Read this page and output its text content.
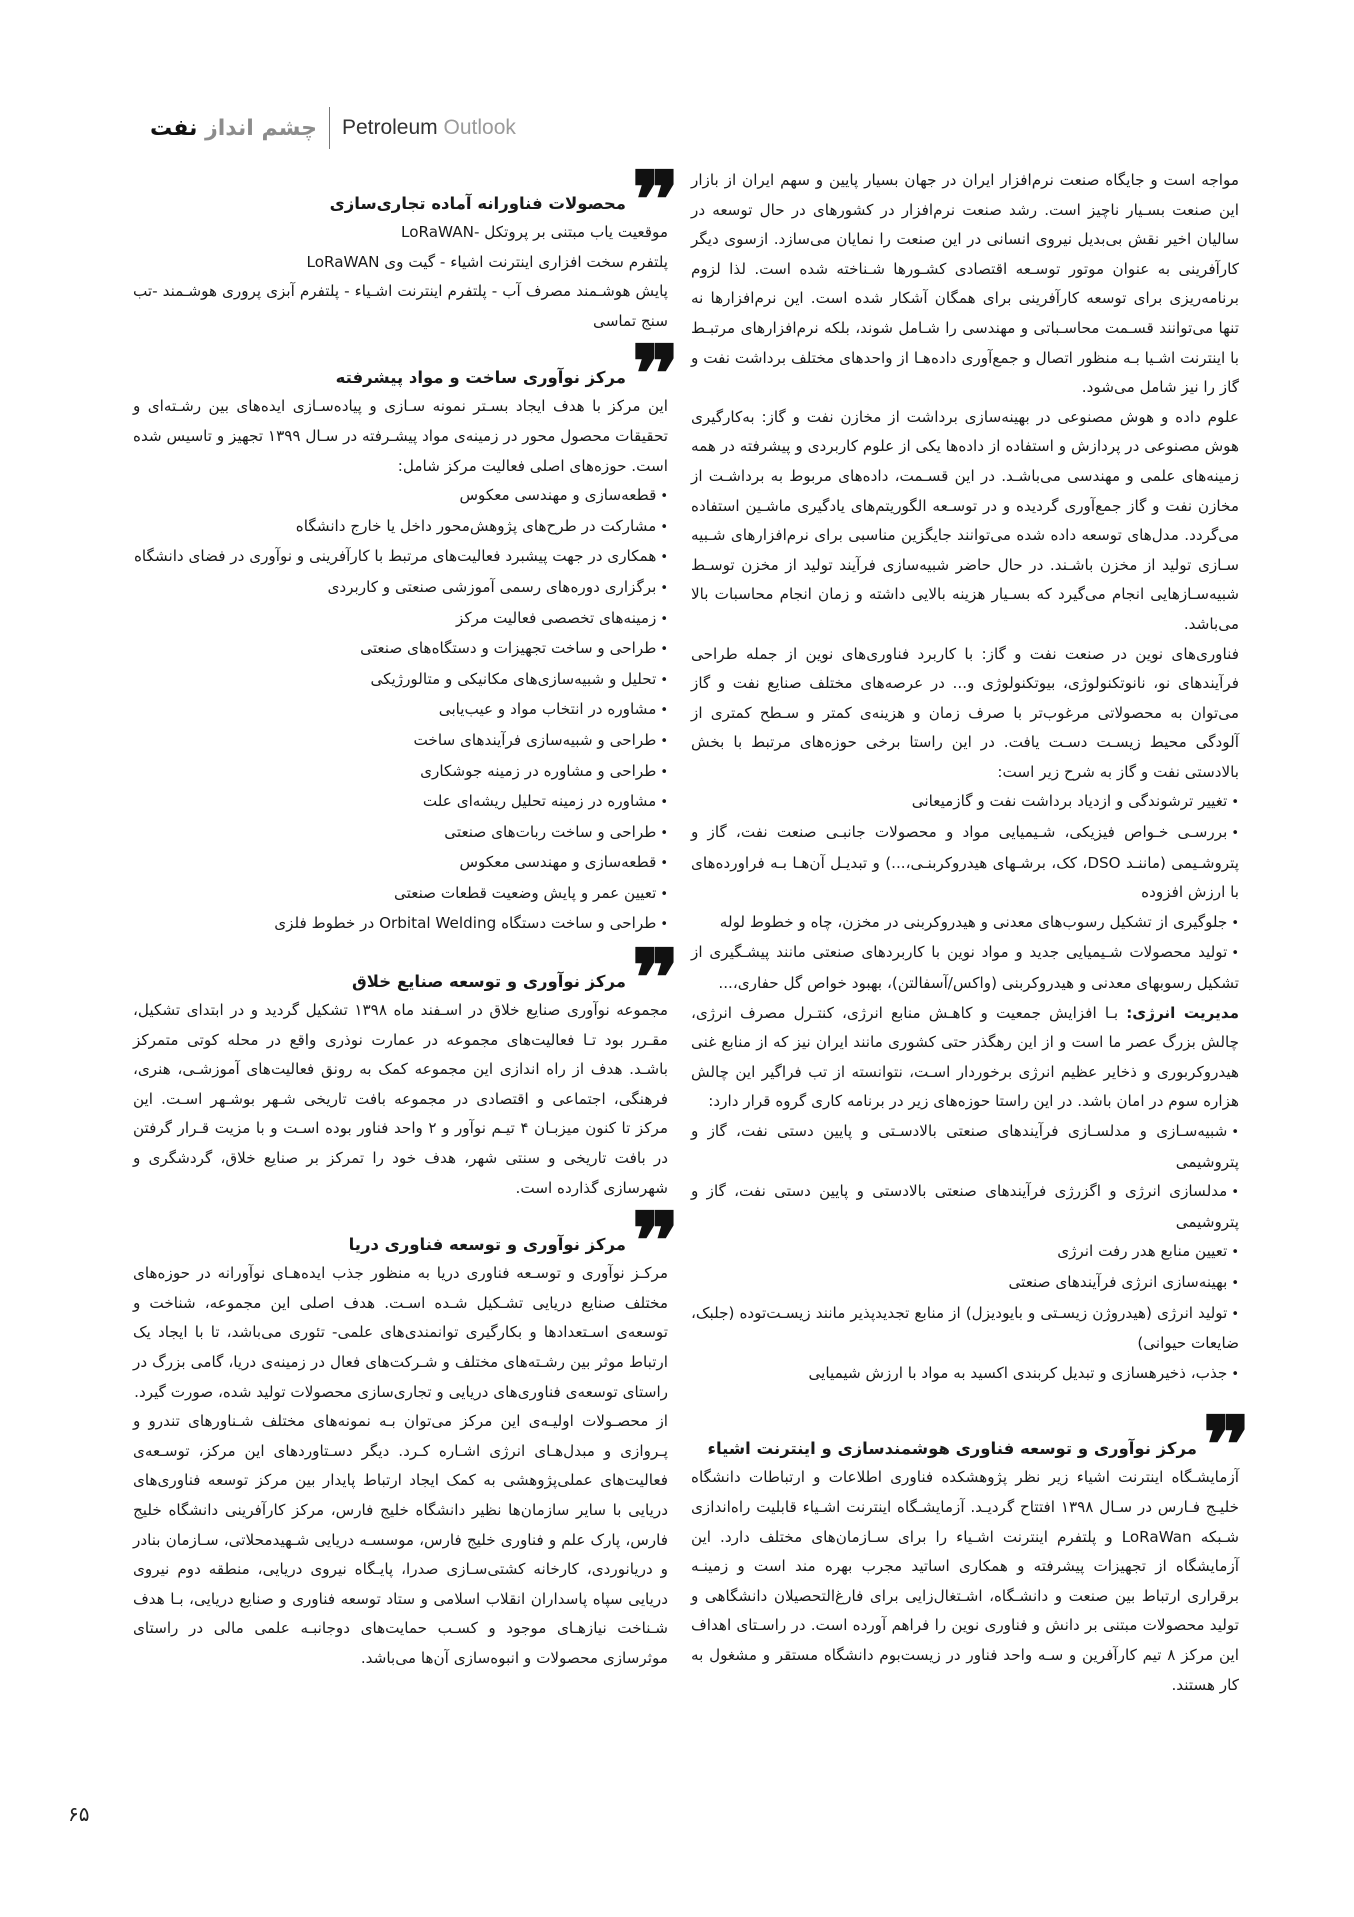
چشم انداز نفت	Petroleum Outlook

مواجه است و جایگاه صنعت نرم‌افزار ایران در جهان بسیار پایین و سهم ایران از بازار این صنعت بسـیار ناچیز است. رشد صنعت نرم‌افزار در کشورهای در حال توسعه در سالیان اخیر نقش بی‌بدیل نیروی انسانی در این صنعت را نمایان می‌سازد. ازسوی دیگر کارآفرینی به عنوان موتور توسـعه اقتصادی کشـورها شـناخته شده است. لذا لزوم برنامه‌ریزی برای توسعه کارآفرینی برای همگان آشکار شده است. این نرم‌افزارها نه تنها می‌توانند قسـمت محاسـباتی و مهندسی را شـامل شوند، بلکه نرم‌افزارهای مرتبـط با اینترنت اشـیا بـه منظور اتصال و جمع‌آوری داده‌هـا از واحدهای مختلف برداشت نفت و گاز را نیز شامل می‌شود.

علوم داده و هوش مصنوعی در بهینه‌سازی برداشت از مخازن نفت و گاز: به‌کارگیری هوش مصنوعی در پردازش و استفاده از داده‌ها یکی از علوم کاربردی و پیشرفته در همه زمینه‌های علمی و مهندسی می‌باشـد. در این قسـمت، داده‌های مربوط به برداشـت از مخازن نفت و گاز جمع‌آوری گردیده و در توسـعه الگوریتم‌های یادگیری ماشـین استفاده می‌گردد. مدل‌های توسعه داده شده می‌توانند جایگزین مناسبی برای نرم‌افزارهای شـبیه سـازی تولید از مخزن باشـند. در حال حاضر شبیه‌سازی فرآیند تولید از مخزن توسـط شبیه‌سـازهایی انجام می‌گیرد که بسـیار هزینه بالایی داشته و زمان انجام محاسبات بالا می‌باشد.

فناوری‌های نوین در صنعت نفت و گاز: با کاربرد فناوری‌های نوین از جمله طراحی فرآیندهای نو، نانوتکنولوژی، بیوتکنولوژی و... در عرصه‌های مختلف صنایع نفت و گاز می‌توان به محصولاتی مرغوب‌تر با صرف زمان و هزینه‌ی کمتر و سـطح کمتری از آلودگی محیط زیسـت دسـت یافت. در این راستا برخی حوزه‌های مرتبط با بخش بالادستی نفت و گاز به شرح زیر است:

•تغییر ترشوندگی و ازدیاد برداشت نفت و گازمیعانی
•بررسـی خـواص فیزیکی، شـیمیایی مواد و محصولات جانبـی صنعت نفت، گاز و پتروشـیمی (ماننـد DSO، کک، برشـهای هیدروکربنـی،...) و تبدیـل آن‌هـا بـه فراورده‌های با ارزش افزوده
•جلوگیری از تشکیل رسوب‌های معدنی و هیدروکربنی در مخزن، چاه و خطوط لوله
•تولید محصولات شـیمیایی جدید و مواد نوین با کاربردهای صنعتی مانند پیشـگیری از تشکیل رسوبهای معدنی و هیدروکربنی (واکس/آسفالتن)، بهبود خواص گل حفاری،...

مدیریت انرژی: بـا افزایش جمعیت و کاهـش منابع انرژی، کنتـرل مصرف انرژی، چالش بزرگ عصر ما است و از این رهگذر حتی کشوری مانند ایران نیز که از منابع غنی هیدروکربوری و ذخایر عظیم انرژی برخوردار اسـت، نتوانسته از تب فراگیر این چالش هزاره سوم در امان باشد. در این راستا حوزه‌های زیر در برنامه کاری گروه قرار دارد:

•شبیه‌سـازی و مدلسـازی فرآیندهای صنعتی بالادسـتی و پایین دستی نفت، گاز و پتروشیمی
•مدلسازی انرژی و اگزرژی فرآیندهای صنعتی بالادستی و پایین دستی نفت، گاز و پتروشیمی
•تعیین منابع هدر رفت انرژی
•بهینه‌سازی انرژی فرآیندهای صنعتی
•تولید انرژی (هیدروژن زیسـتی و بایودیزل) از منابع تجدیدپذیر مانند زیسـت‌توده (جلبک، ضایعات حیوانی)
•جذب، ذخیرهسازی و تبدیل کربندی اکسید به مواد با ارزش شیمیایی
❞
مرکز نوآوری و توسعه فناوری هوشمندسازی و اینترنت اشیاء

آزمایشـگاه اینترنت اشیاء زیر نظر پژوهشکده فناوری اطلاعات و ارتباطات دانشگاه خلیـج فـارس در سـال ۱۳۹۸ افتتاح گردیـد. آزمایشـگاه اینترنت اشـیاء قابلیت راه‌اندازی شـبکه LoRaWan و پلتفرم اینترنت اشـیاء را برای سـازمان‌های مختلف دارد. این آزمایشگاه از تجهیزات پیشرفته و همکاری اساتید مجرب بهره مند است و زمینـه برقراری ارتباط بین صنعت و دانشـگاه، اشـتغال‌زایی برای فارغ‌التحصیلان دانشگاهی و تولید محصولات مبتنی بر دانش و فناوری نوین را فراهم آورده است. در راسـتای اهداف این مرکز ۸ تیم کارآفرین و سـه واحد فناور در زیست‌بوم دانشگاه مستقر و مشغول به کار هستند.

❞
محصولات فناورانه آماده تجاری‌سازی

موقعیت یاب مبتنی بر پروتکل -LoRaWAN

پلتفرم سخت افزاری اینترنت اشیاء - گیت وی LoRaWAN

پایش هوشـمند مصرف آب - پلتفرم اینترنت اشـیاء - پلتفرم آبزی پروری هوشـمند -تب سنج تماسی

❞
مرکز نوآوری ساخت و مواد پیشرفته

این مرکز با هدف ایجاد بسـتر نمونه سـازی و پیاده‌سـازی ایده‌های بین رشـته‌ای و تحقیقات محصول محور در زمینه‌ی مواد پیشـرفته در سـال ۱۳۹۹ تجهیز و تاسیس شده است. حوزه‌های اصلی فعالیت مرکز شامل:

•قطعه‌سازی و مهندسی معکوس
•مشارکت در طرح‌های پژوهش‌محور داخل یا خارج دانشگاه
•همکاری در جهت پیشبرد فعالیت‌های مرتبط با کارآفرینی و نوآوری در فضای دانشگاه
•برگزاری دوره‌های رسمی آموزشی صنعتی و کاربردی
•زمینه‌های تخصصی فعالیت مرکز
•طراحی و ساخت تجهیزات و دستگاه‌های صنعتی
•تحلیل و شبیه‌سازی‌های مکانیکی و متالورژیکی
•مشاوره در انتخاب مواد و عیب‌یابی
•طراحی و شبیه‌سازی فرآیندهای ساخت
•طراحی و مشاوره در زمینه جوشکاری
•مشاوره در زمینه تحلیل ریشه‌ای علت
•طراحی و ساخت ربات‌های صنعتی
•قطعه‌سازی و مهندسی معکوس
•تعیین عمر و پایش وضعیت قطعات صنعتی
•طراحی و ساخت دستگاه Orbital Welding در خطوط فلزی
❞
مرکز نوآوری و توسعه صنایع خلاق

مجموعه نوآوری صنایع خلاق در اسـفند ماه ۱۳۹۸ تشکیل گردید و در ابتدای تشکیل، مقـرر بود تـا فعالیت‌های مجموعه در عمارت نوذری واقع در محله کوتی متمرکز باشـد. هدف از راه اندازی این مجموعه کمک به رونق فعالیت‌های آموزشـی، هنری، فرهنگی، اجتماعی و اقتصادی در مجموعه بافت تاریخی شـهر بوشـهر اسـت. این مرکز تا کنون میزبـان ۴ تیـم نوآور و ۲ واحد فناور بوده اسـت و با مزیت قـرار گرفتن در بافت تاریخی و سنتی شهر، هدف خود را تمرکز بر صنایع خلاق، گردشگری و شهرسازی گذارده است.

❞
مرکز نوآوری و توسعه فناوری دریا

مرکـز نوآوری و توسـعه فناوری دریا به منظور جذب ایده‌هـای نوآورانه در حوزه‌های مختلف صنایع دریایی تشـکیل شـده اسـت. هدف اصلی این مجموعه، شناخت و توسعه‌ی اسـتعدادها و بکارگیری توانمندی‌های علمی- تئوری می‌باشد، تا با ایجاد یک ارتباط موثر بین رشـته‌های مختلف و شـرکت‌های فعال در زمینه‌ی دریا، گامی بزرگ در راستای توسعه‌ی فناوری‌های دریایی و تجاری‌سازی محصولات تولید شده، صورت گیرد.

از محصـولات اولیـه‌ی این مرکز می‌توان بـه نمونه‌های مختلف شـناورهای تندرو و پـروازی و مبدل‌هـای انرژی اشـاره کـرد. دیگر دسـتاوردهای این مرکز، توسـعه‌ی فعالیت‌های عملی‌پژوهشی به کمک ایجاد ارتباط پایدار بین مرکز توسعه فناوری‌های دریایی با سایر سازمان‌ها نظیر دانشگاه خلیج فارس، مرکز کارآفرینی دانشگاه خلیج فارس، پارک علم و فناوری خلیج فارس، موسسـه دریایی شـهیدمحلاتی، سـازمان بنادر و دریانوردی، کارخانه کشتی‌سـازی صدرا، پایـگاه نیروی دریایی، منطقه دوم نیروی دریایی سپاه پاسداران انقلاب اسلامی و ستاد توسعه فناوری و صنایع دریایی، بـا هدف شـناخت نیازهـای موجود و کسـب حمایت‌های دوجانبـه علمی مالی در راستای موثرسازی محصولات و انبوه‌سازی آن‌ها می‌باشد.

۶۵
